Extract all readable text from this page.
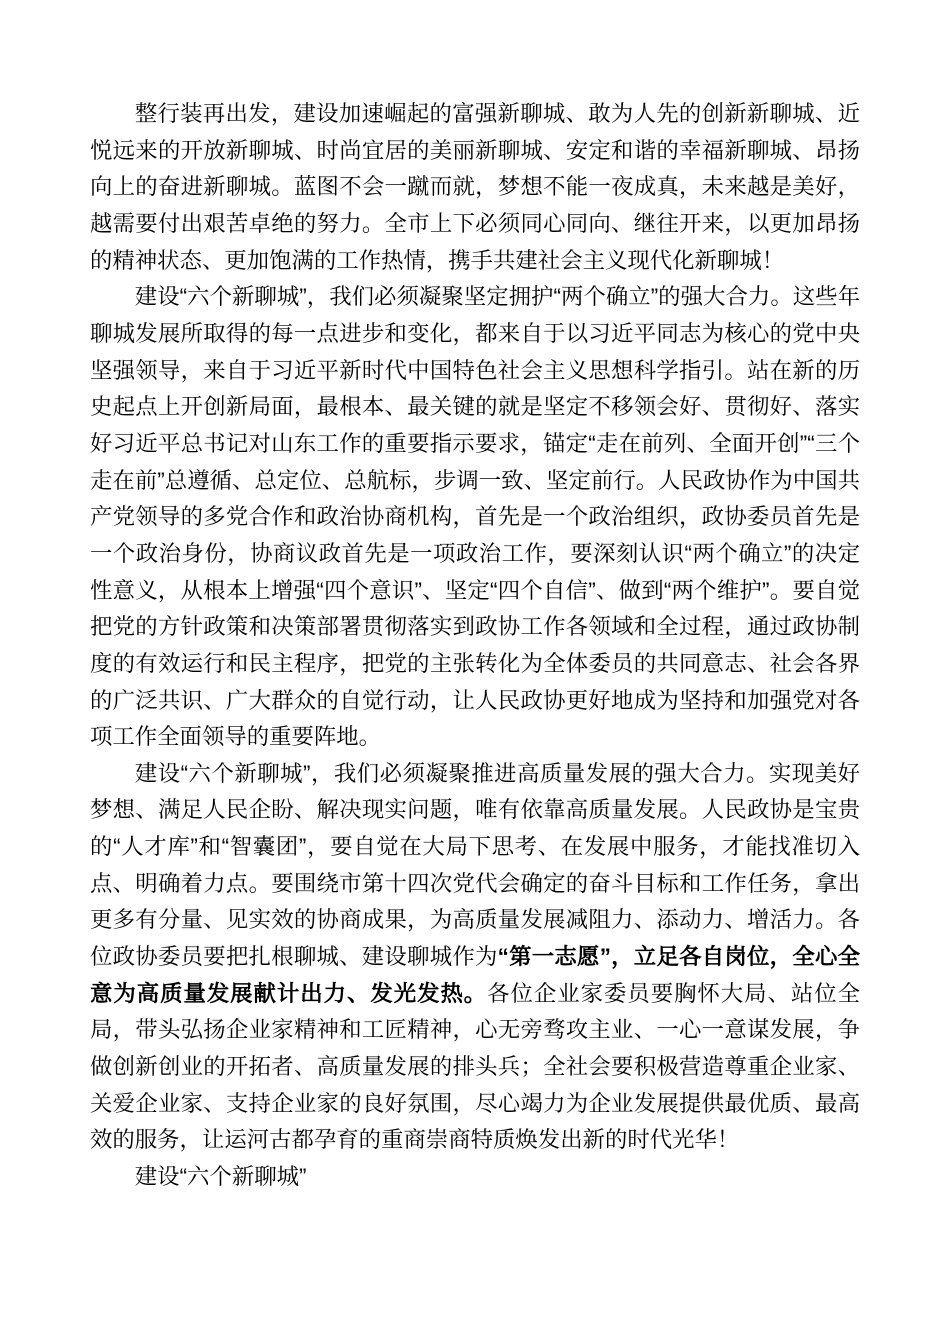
整行装再出发，建设加速崛起的富强新聊城、敢为人先的创新新聊城、近悦远来的开放新聊城、时尚宜居的美丽新聊城、安定和谐的幸福新聊城、昂扬向上的奋进新聊城。蓝图不会一蹴而就，梦想不能一夜成真，未来越是美好，越需要付出艰苦卓绝的努力。全市上下必须同心同向、继往开来，以更加昂扬的精神状态、更加饱满的工作热情，携手共建社会主义现代化新聊城！

建设“六个新聊城”，我们必须凝聚坚定拥护“两个确立”的强大合力。这些年聊城发展所取得的每一点进步和变化，都来自于以习近平同志为核心的党中央坚强领导，来自于习近平新时代中国特色社会主义思想科学指引。站在新的历史起点上开创新局面，最根本、最关键的就是坚定不移领会好、贯彻好、落实好习近平总书记对山东工作的重要指示要求，锚定“走在前列、全面开创”“三个走在前”总遵循、总定位、总航标，步调一致、坚定前行。人民政协作为中国共产党领导的多党合作和政治协商机构，首先是一个政治组织，政协委员首先是一个政治身份，协商议政首先是一项政治工作，要深刻认识“两个确立”的决定性意义，从根本上增强“四个意识”、坚定“四个自信”、做到“两个维护”。要自觉把党的方针政策和决策部署贯彻落实到政协工作各领域和全过程，通过政协制度的有效运行和民主程序，把党的主张转化为全体委员的共同意志、社会各界的广泛共识、广大群众的自觉行动，让人民政协更好地成为坚持和加强党对各项工作全面领导的重要阵地。

建设“六个新聊城”，我们必须凝聚推进高质量发展的强大合力。实现美好梦想、满足人民企盼、解决现实问题，唯有依靠高质量发展。人民政协是宝贵的“人才库”和“智囊团”，要自觉在大局下思考、在发展中服务，才能找准切入点、明确着力点。要围绕市第十四次党代会确定的奋斗目标和工作任务，拿出更多有分量、见实效的协商成果，为高质量发展减阻力、添动力、增活力。各位政协委员要把扎根聊城、建设聊城作为“第一志愿”，立足各自岗位，全心全意为高质量发展献计出力、发光发热。各位企业家委员要胸怀大局、站位全局，带头弘扬企业家精神和工匠精神，心无旁骛攻主业、一心一意谋发展，争做创新创业的开拓者、高质量发展的排头兵；全社会要积极营造尊重企业家、关爱企业家、支持企业家的良好氛围，尽心竭力为企业发展提供最优质、最高效的服务，让运河古都孕育的重商崇商特质焕发出新的时代光华！

建设“六个新聊城”
